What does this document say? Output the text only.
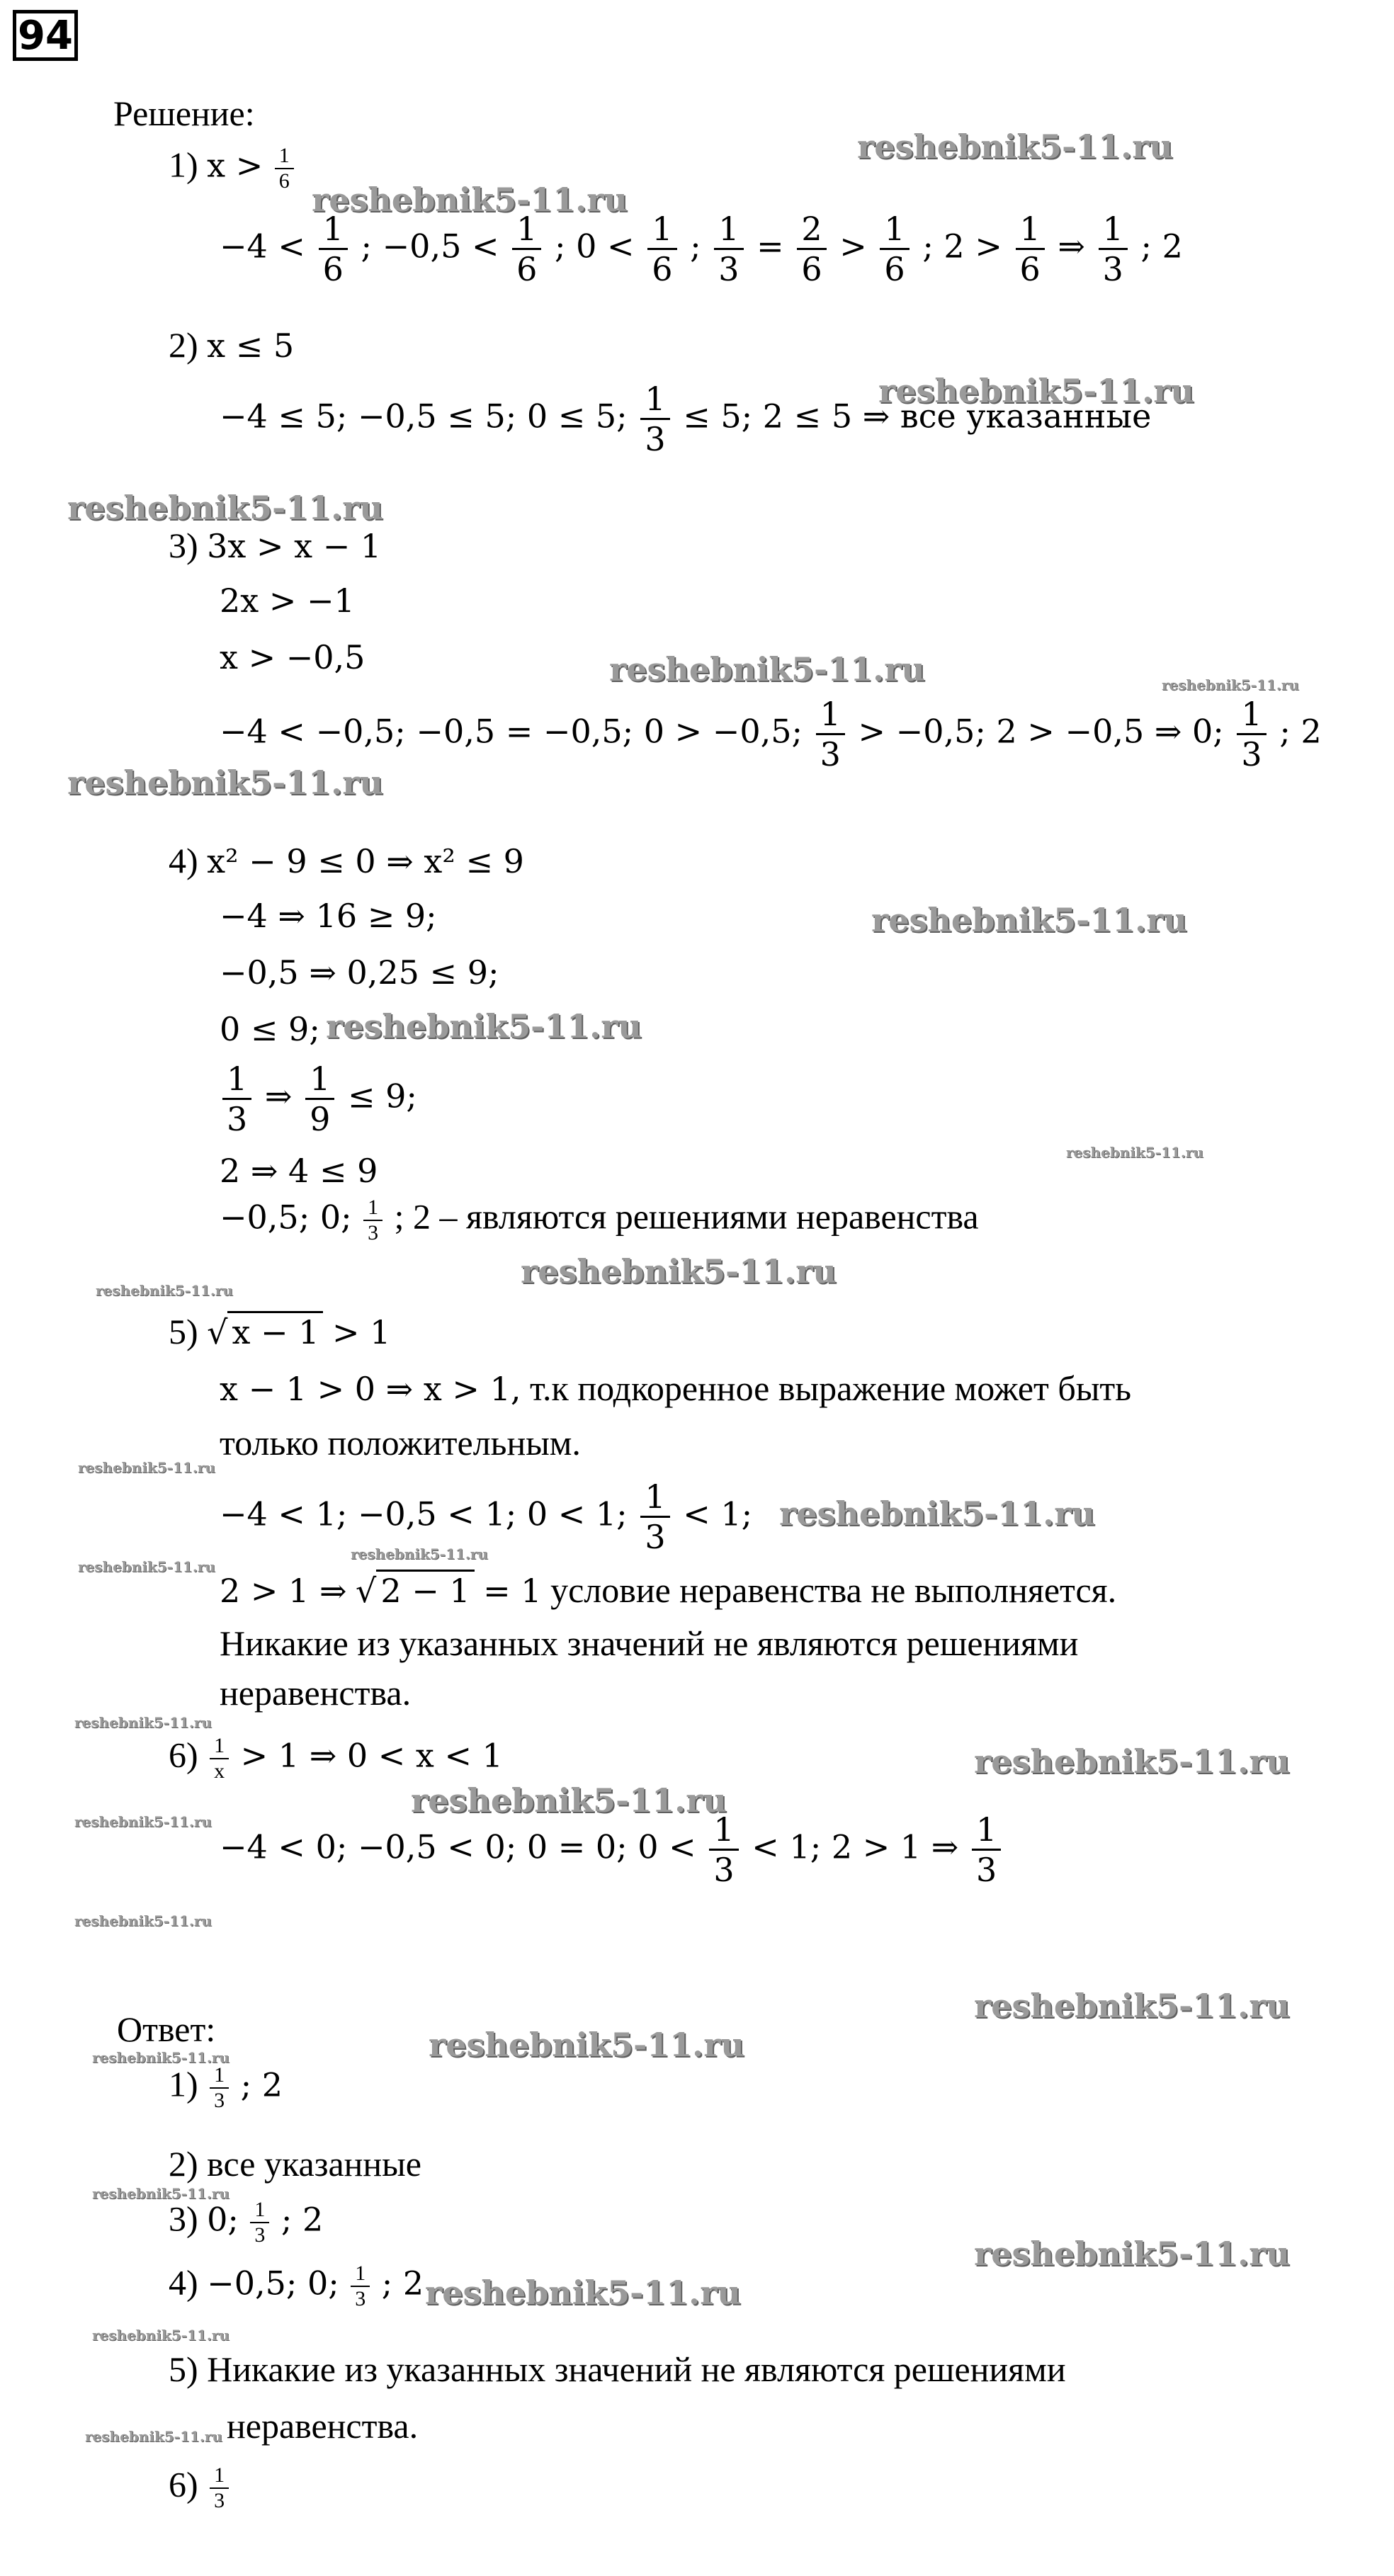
94
Решение:
1) $x > \frac{1}{6}$
$-4 < \frac{1}{6}$ ; $-0,5 < \frac{1}{6}$ ; $0 < \frac{1}{6}$ ; $\frac{1}{3} = \frac{2}{6} > \frac{1}{6}$ ; $2 > \frac{1}{6}$ ⇒ $\frac{1}{3}$ ; 2
2) x ≤ 5
−4 ≤ 5; −0,5 ≤ 5; 0 ≤ 5; $\frac{1}{3} \le 5$; 2 ≤ 5 ⇒ все указанные
3) 3x > x − 1
2x > −1
x > −0,5
−4 < −0,5; −0,5 = −0,5; 0 > −0,5; $\frac{1}{3} > -0,5$; 2 > −0,5 ⇒ 0; $\frac{1}{3}$ ; 2
4) x² − 9 ≤ 0 ⇒ x² ≤ 9
−4 ⇒ 16 ≥ 9;
−0,5 ⇒ 0,25 ≤ 9;
0 ≤ 9;
$\frac{1}{3}$ ⇒ $\frac{1}{9} \le 9$;
2 ⇒ 4 ≤ 9
−0,5; 0; $\frac{1}{3}$ ; 2 – являются решениями неравенства
5) √ x − 1 > 1
x − 1 > 0 ⇒ x > 1, т.к подкоренное выражение может быть
только положительным.
−4 < 1; −0,5 < 1; 0 < 1; $\frac{1}{3} < 1$;
2 > 1 ⇒ √ 2 − 1 = 1 условие неравенства не выполняется.
Никакие из указанных значений не являются решениями
неравенства.
$6) \frac{1}{x} > 1$ ⇒ 0 < x < 1
−4 < 0; −0,5 < 0; 0 = 0; $0 < \frac{1}{3} < 1$; 2 > 1 ⇒ $\frac{1}{3}$
Ответ:
$1) \frac{1}{3}$ ; 2
2) все указанные
3) 0; $\frac{1}{3}$ ; 2
4) −0,5; 0; $\frac{1}{3}$ ; 2
5) Никакие из указанных значений не являются решениями
неравенства.
$6) \frac{1}{3}$
reshebnik5-11.ru
reshebnik5-11.ru
reshebnik5-11.ru
reshebnik5-11.ru
reshebnik5-11.ru	reshebnik5-11.ru
reshebnik5-11.ru
reshebnik5-11.ru
reshebnik5-11.ru
reshebnik5-11.ru
reshebnik5-11.ru
reshebnik5-11.ru
reshebnik5-11.ru
reshebnik5-11.ru
reshebnik5-11.ru
reshebnik5-11.ru
reshebnik5-11.ru
reshebnik5-11.ru
reshebnik5-11.ru
reshebnik5-11.ru
reshebnik5-11.ru
reshebnik5-11.ru
reshebnik5-11.ru
reshebnik5-11.ru
reshebnik5-11.ru
reshebnik5-11.ru
reshebnik5-11.ru
reshebnik5-11.ru
reshebnik5-11.ru
